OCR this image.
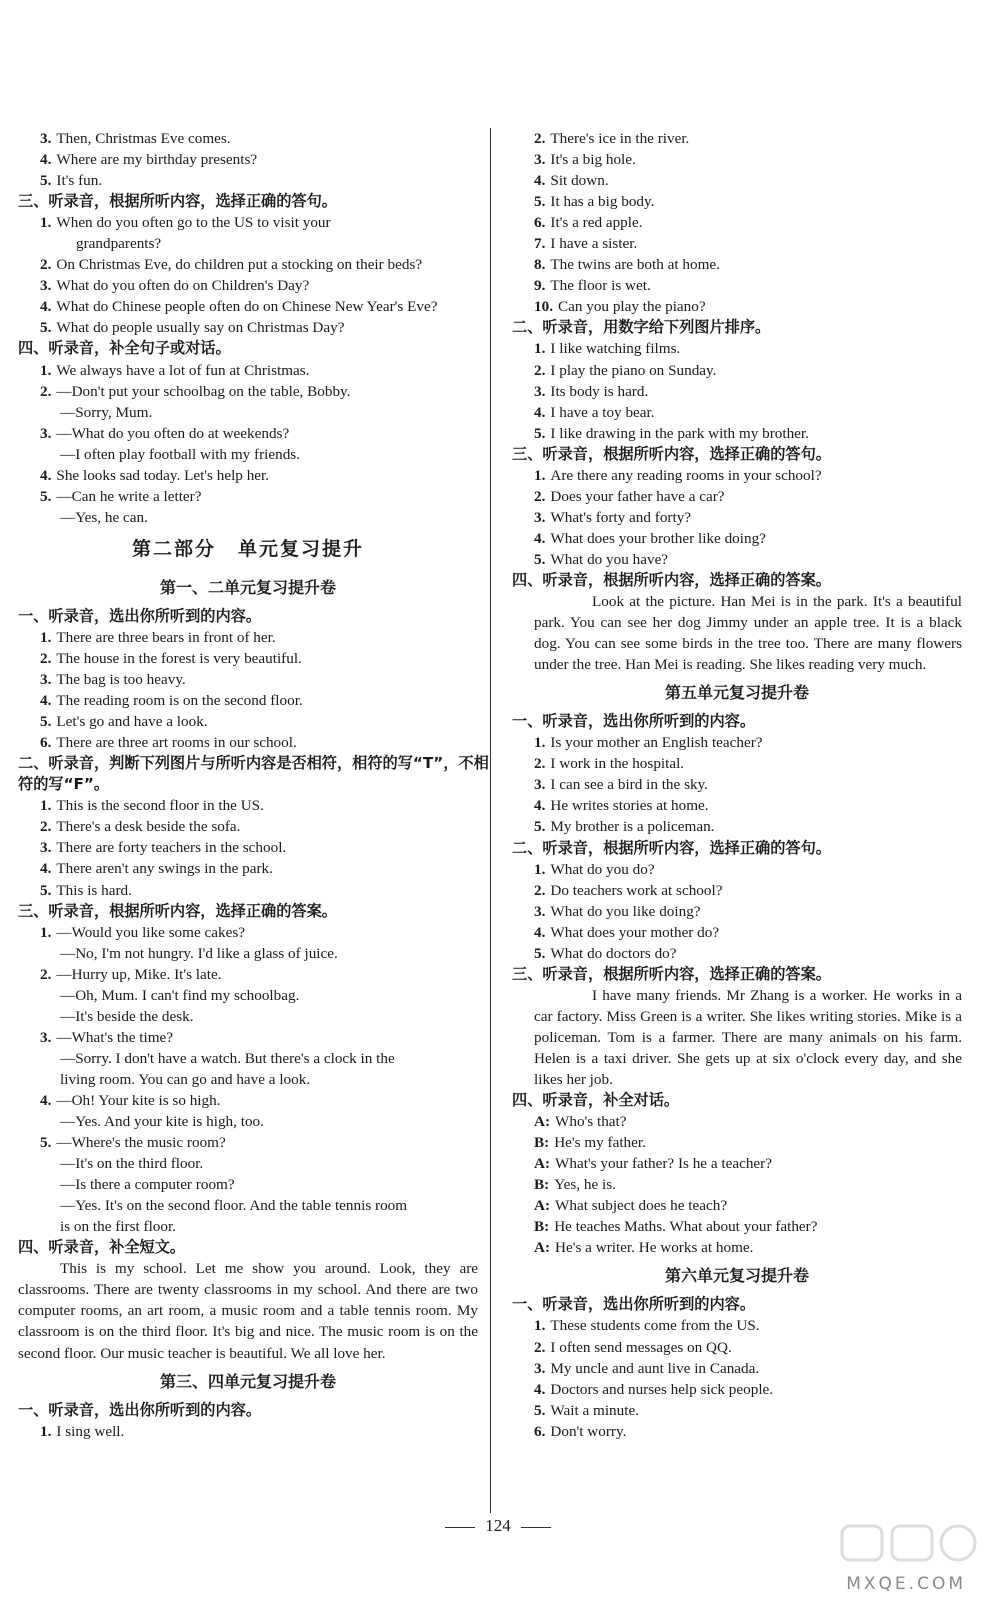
3. Then, Christmas Eve comes.
4. Where are my birthday presents?
5. It's fun.
三、听录音，根据所听内容，选择正确的答句。
1. When do you often go to the US to visit your
grandparents?
2. On Christmas Eve, do children put a stocking on their beds?
3. What do you often do on Children's Day?
4. What do Chinese people often do on Chinese New Year's Eve?
5. What do people usually say on Christmas Day?
四、听录音，补全句子或对话。
1. We always have a lot of fun at Christmas.
2. —Don't put your schoolbag on the table, Bobby.
—Sorry, Mum.
3. —What do you often do at weekends?
—I often play football with my friends.
4. She looks sad today. Let's help her.
5. —Can he write a letter?
—Yes, he can.
第二部分 单元复习提升
第一、二单元复习提升卷
一、听录音，选出你所听到的内容。
1. There are three bears in front of her.
2. The house in the forest is very beautiful.
3. The bag is too heavy.
4. The reading room is on the second floor.
5. Let's go and have a look.
6. There are three art rooms in our school.
二、听录音，判断下列图片与所听内容是否相符，相符的写“T”，不相
符的写“F”。
1. This is the second floor in the US.
2. There's a desk beside the sofa.
3. There are forty teachers in the school.
4. There aren't any swings in the park.
5. This is hard.
三、听录音，根据所听内容，选择正确的答案。
1. —Would you like some cakes?
—No, I'm not hungry. I'd like a glass of juice.
2. —Hurry up, Mike. It's late.
—Oh, Mum. I can't find my schoolbag.
—It's beside the desk.
3. —What's the time?
—Sorry. I don't have a watch. But there's a clock in the
living room. You can go and have a look.
4. —Oh! Your kite is so high.
—Yes. And your kite is high, too.
5. —Where's the music room?
—It's on the third floor.
—Is there a computer room?
—Yes. It's on the second floor. And the table tennis room
is on the first floor.
四、听录音，补全短文。
This is my school. Let me show you around. Look, they are classrooms. There are twenty classrooms in my school. And there are two computer rooms, an art room, a music room and a table tennis room. My classroom is on the third floor. It's big and nice. The music room is on the second floor. Our music teacher is beautiful. We all love her.
第三、四单元复习提升卷
一、听录音，选出你所听到的内容。
1. I sing well.
2. There's ice in the river.
3. It's a big hole.
4. Sit down.
5. It has a big body.
6. It's a red apple.
7. I have a sister.
8. The twins are both at home.
9. The floor is wet.
10. Can you play the piano?
二、听录音，用数字给下列图片排序。
1. I like watching films.
2. I play the piano on Sunday.
3. Its body is hard.
4. I have a toy bear.
5. I like drawing in the park with my brother.
三、听录音，根据所听内容，选择正确的答句。
1. Are there any reading rooms in your school?
2. Does your father have a car?
3. What's forty and forty?
4. What does your brother like doing?
5. What do you have?
四、听录音，根据所听内容，选择正确的答案。
Look at the picture. Han Mei is in the park. It's a beautiful park. You can see her dog Jimmy under an apple tree. It is a black dog. You can see some birds in the tree too. There are many flowers under the tree. Han Mei is reading. She likes reading very much.
第五单元复习提升卷
一、听录音，选出你所听到的内容。
1. Is your mother an English teacher?
2. I work in the hospital.
3. I can see a bird in the sky.
4. He writes stories at home.
5. My brother is a policeman.
二、听录音，根据所听内容，选择正确的答句。
1. What do you do?
2. Do teachers work at school?
3. What do you like doing?
4. What does your mother do?
5. What do doctors do?
三、听录音，根据所听内容，选择正确的答案。
I have many friends. Mr Zhang is a worker. He works in a car factory. Miss Green is a writer. She likes writing stories. Mike is a policeman. Tom is a farmer. There are many animals on his farm. Helen is a taxi driver. She gets up at six o'clock every day, and she likes her job.
四、听录音，补全对话。
A: Who's that?
B: He's my father.
A: What's your father? Is he a teacher?
B: Yes, he is.
A: What subject does he teach?
B: He teaches Maths. What about your father?
A: He's a writer. He works at home.
第六单元复习提升卷
一、听录音，选出你所听到的内容。
1. These students come from the US.
2. I often send messages on QQ.
3. My uncle and aunt live in Canada.
4. Doctors and nurses help sick people.
5. Wait a minute.
6. Don't worry.
124
MXQE.COM
